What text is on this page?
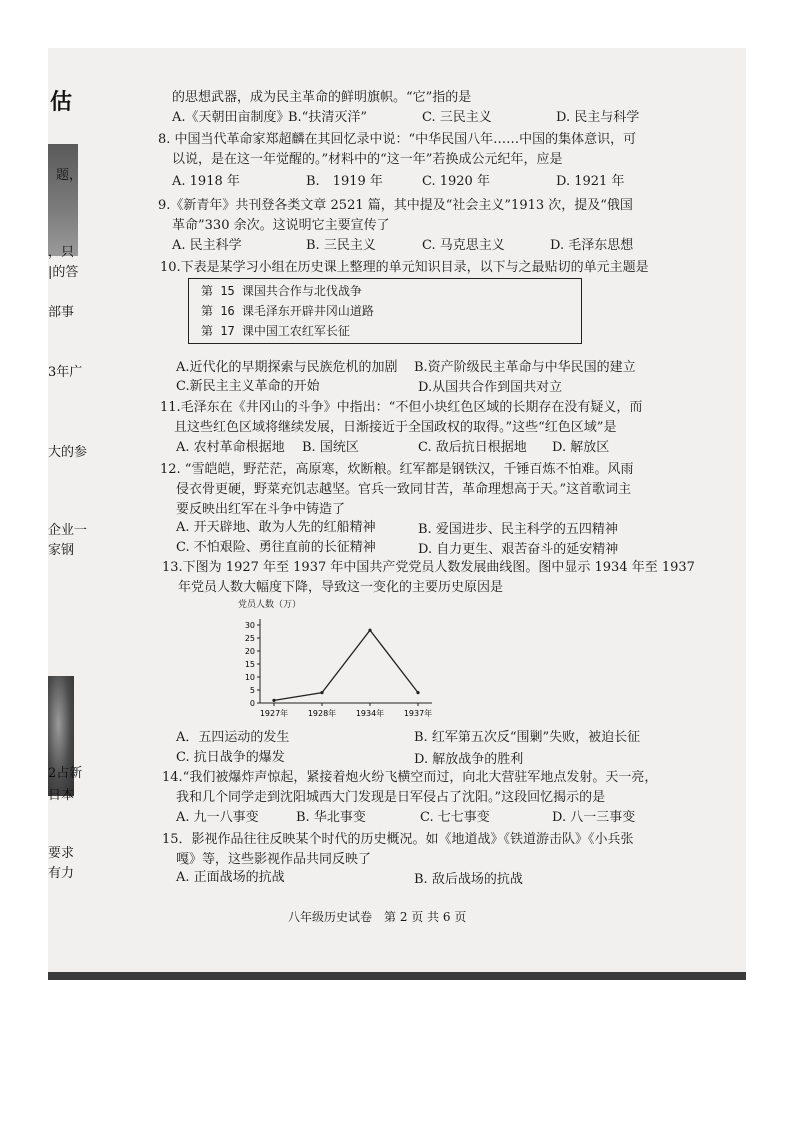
估
题，
，只
|的答
部事
3年广
大的参
企业一
家钢
2占新
日本
要求
有力
的思想武器，成为民主革命的鲜明旗帜。“它”指的是
A.《天朝田亩制度》
B.“扶清灭洋”	C. 三民主义	D. 民主与科学
8. 中国当代革命家郑超麟在其回忆录中说：“中华民国八年……中国的集体意识，可
以说，是在这一年觉醒的。”材料中的“这一年”若换成公元纪年，应是
A. 1918 年	B.　1919 年	C. 1920 年	D. 1921 年
9.《新青年》共刊登各类文章 2521 篇，其中提及“社会主义”1913 次，提及“俄国
革命”330 余次。这说明它主要宣传了
A. 民主科学	B. 三民主义	C. 马克思主义	D. 毛泽东思想
10.下表是某学习小组在历史课上整理的单元知识目录，以下与之最贴切的单元主题是
第 15 课国共合作与北伐战争
第 16 课毛泽东开辟井冈山道路
第 17 课中国工农红军长征
A.近代化的早期探索与民族危机的加剧 B.资产阶级民主革命与中华民国的建立
C.新民主主义革命的开始	D.从国共合作到国共对立
11.毛泽东在《井冈山的斗争》中指出：“不但小块红色区域的长期存在没有疑义，而
且这些红色区域将继续发展，日渐接近于全国政权的取得。”这些“红色区域”是
A. 农村革命根据地 B. 国统区	C. 敌后抗日根据地 D. 解放区
12. “雪皑皑，野茫茫，高原寒，炊断粮。红军都是钢铁汉，千锤百炼不怕难。风雨
侵衣骨更硬，野菜充饥志越坚。官兵一致同甘苦，革命理想高于天。”这首歌词主
要反映出红军在斗争中铸造了
A. 开天辟地、敢为人先的红船精神	B. 爱国进步、民主科学的五四精神
C. 不怕艰险、勇往直前的长征精神	D. 自力更生、艰苦奋斗的延安精神
13.下图为 1927 年至 1937 年中国共产党党员人数发展曲线图。图中显示 1934 年至 1937
年党员人数大幅度下降，导致这一变化的主要历史原因是
党员人数（万）
0
5
10
15
20
25
30
1927年 1928年 1934年 1937年
A．五四运动的发生	B. 红军第五次反“围剿”失败，被迫长征
C. 抗日战争的爆发	D. 解放战争的胜利
14.“我们被爆炸声惊起，紧接着炮火纷飞横空而过，向北大营驻军地点发射。天一亮，
我和几个同学走到沈阳城西大门发现是日军侵占了沈阳。”这段回忆揭示的是
A. 九一八事变	B. 华北事变	C. 七七事变	D. 八一三事变
15．影视作品往往反映某个时代的历史概况。如《地道战》《铁道游击队》《小兵张
嘎》等，这些影视作品共同反映了
A. 正面战场的抗战	B. 敌后战场的抗战
八年级历史试卷　第 2 页 共 6 页
